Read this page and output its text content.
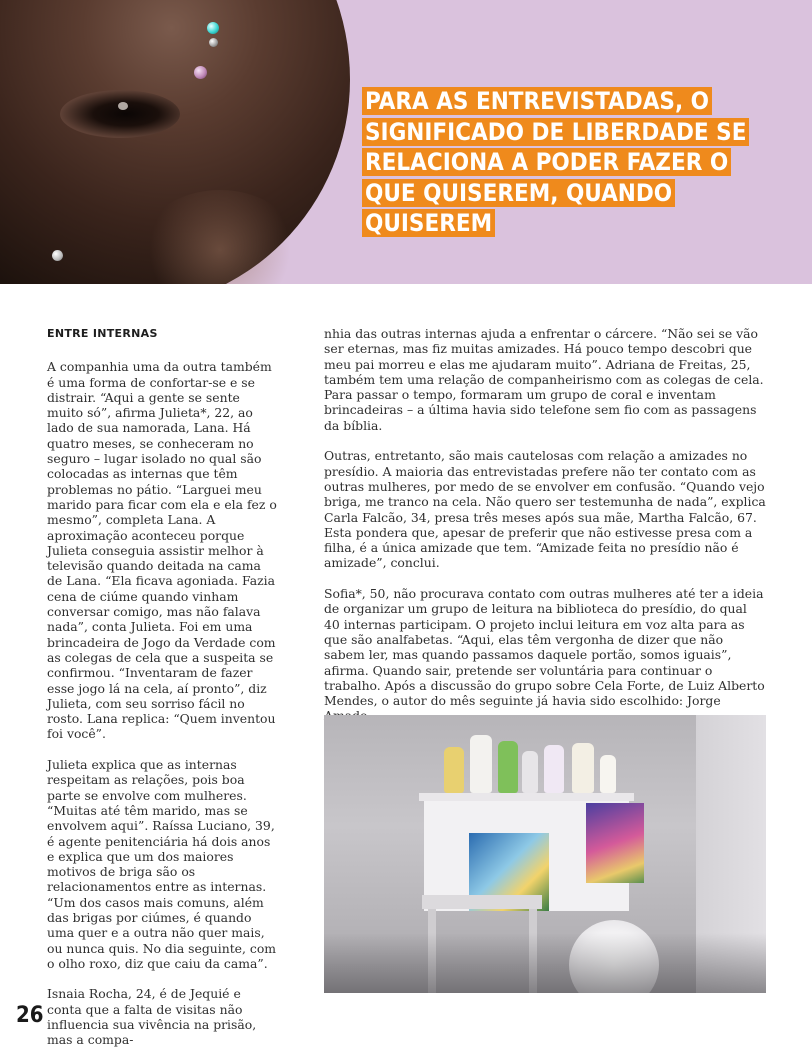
PARA AS ENTREVISTADAS, O SIGNIFICADO DE LIBERDADE SE RELACIONA A PODER FAZER O QUE QUISEREM, QUANDO QUISEREM
ENTRE INTERNAS

A companhia uma da outra também é uma forma de confortar-se e se distrair. “Aqui a gente se sente muito só”, afirma Julieta*, 22, ao lado de sua namorada, Lana. Há quatro meses, se conheceram no seguro – lugar isolado no qual são colocadas as internas que têm problemas no pátio. “Larguei meu marido para ficar com ela e ela fez o mesmo”, completa Lana. A aproximação aconteceu porque Julieta conseguia assistir melhor à televisão quando deitada na cama de Lana. “Ela ficava agoniada. Fazia cena de ciúme quando vinham conversar comigo, mas não falava nada”, conta Julieta. Foi em uma brincadeira de Jogo da Verdade com as colegas de cela que a suspeita se confirmou. “Inventaram de fazer esse jogo lá na cela, aí pronto”, diz Julieta, com seu sorriso fácil no rosto. Lana replica: “Quem inventou foi você”.

Julieta explica que as internas respeitam as relações, pois boa parte se envolve com mulheres. “Muitas até têm marido, mas se envolvem aqui”. Raíssa Luciano, 39, é agente penitenciária há dois anos e explica que um dos maiores motivos de briga são os relacionamentos entre as internas. “Um dos casos mais comuns, além das brigas por ciúmes, é quando uma quer e a outra não quer mais, ou nunca quis. No dia seguinte, com o olho roxo, diz que caiu da cama”.

Isnaia Rocha, 24, é de Jequié e conta que a falta de visitas não influencia sua vivência na prisão, mas a compa-

nhia das outras internas ajuda a enfrentar o cárcere. “Não sei se vão ser eternas, mas fiz muitas amizades. Há pouco tempo descobri que meu pai morreu e elas me ajudaram muito”. Adriana de Freitas, 25, também tem uma relação de companheirismo com as colegas de cela. Para passar o tempo, formaram um grupo de coral e inventam brincadeiras – a última havia sido telefone sem fio com as passagens da bíblia.

Outras, entretanto, são mais cautelosas com relação a amizades no presídio. A maioria das entrevistadas prefere não ter contato com as outras mulheres, por medo de se envolver em confusão. “Quando vejo briga, me tranco na cela. Não quero ser testemunha de nada”, explica Carla Falcão, 34, presa três meses após sua mãe, Martha Falcão, 67. Esta pondera que, apesar de preferir que não estivesse presa com a filha, é a única amizade que tem. “Amizade feita no presídio não é amizade”, conclui.

Sofia*, 50, não procurava contato com outras mulheres até ter a ideia de organizar um grupo de leitura na biblioteca do presídio, do qual 40 internas participam. O projeto inclui leitura em voz alta para as que são analfabetas. “Aqui, elas têm vergonha de dizer que não sabem ler, mas quando passamos daquele portão, somos iguais”, afirma. Quando sair, pretende ser voluntária para continuar o trabalho. Após a discussão do grupo sobre Cela Forte, de Luiz Alberto Mendes, o autor do mês seguinte já havia sido escolhido: Jorge

26
